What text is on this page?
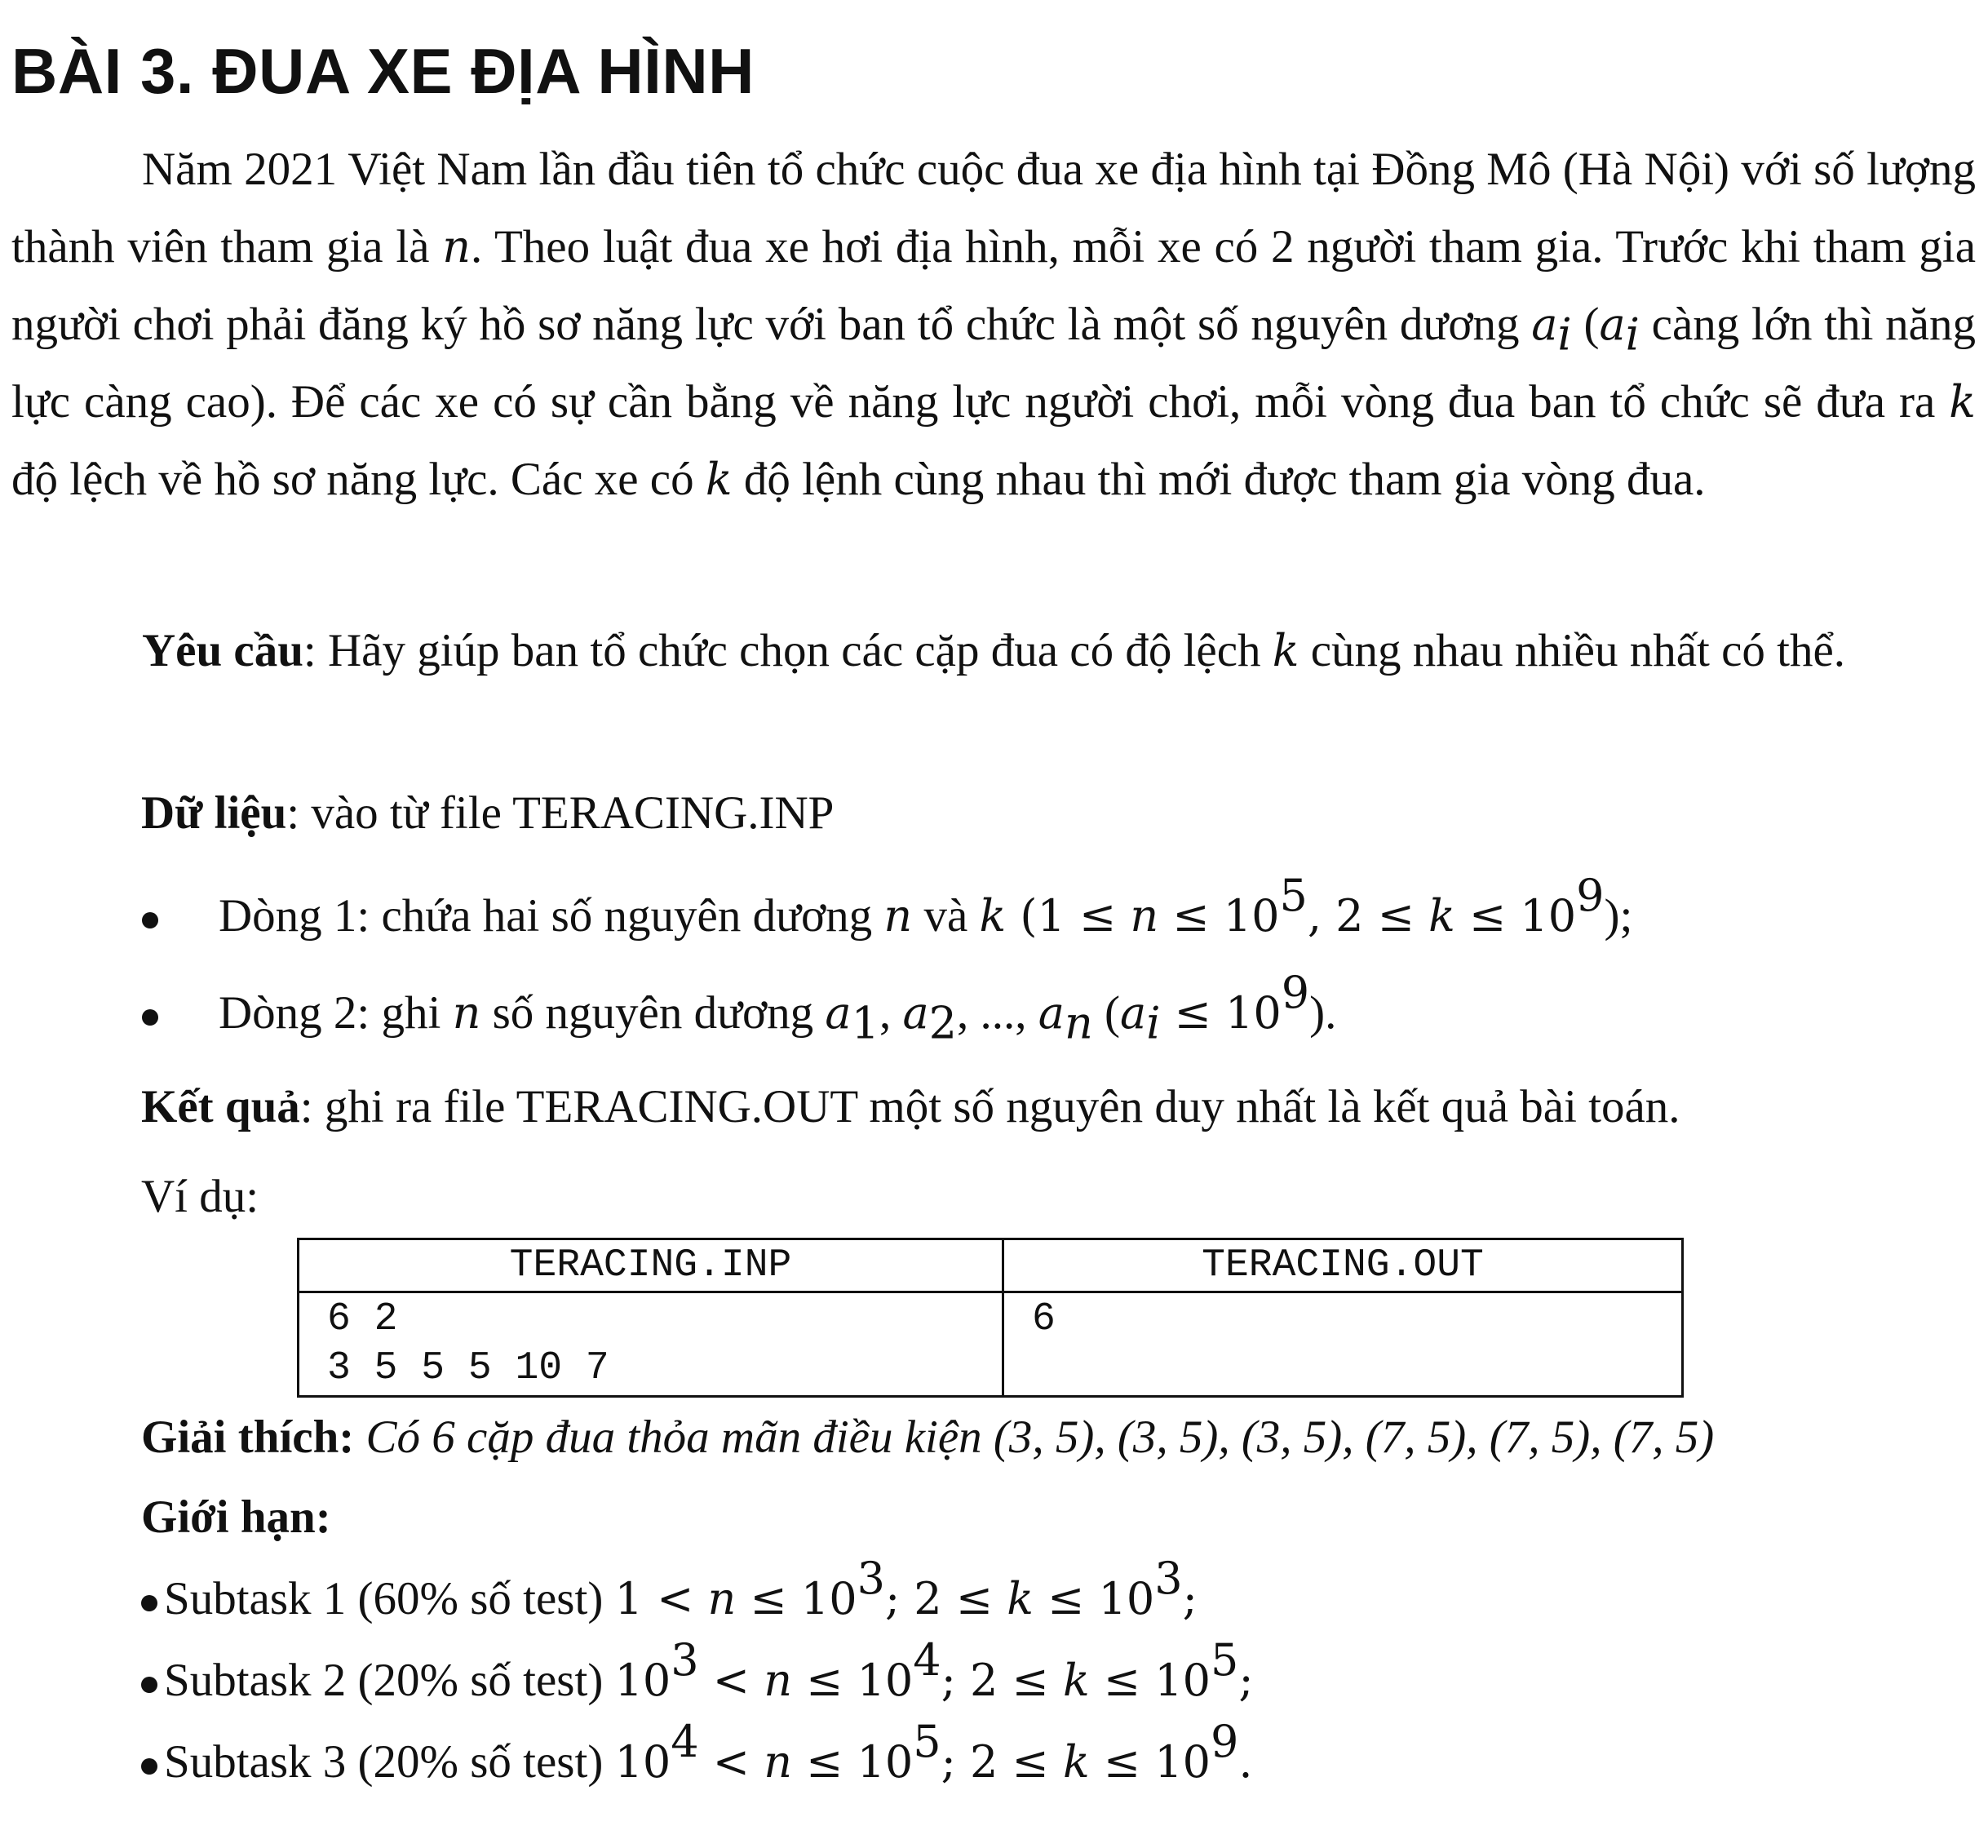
BÀI 3. ĐUA XE ĐỊA HÌNH

Năm 2021 Việt Nam lần đầu tiên tổ chức cuộc đua xe địa hình tại Đồng Mô (Hà Nội) với số lượng thành viên tham gia là n. Theo luật đua xe hơi địa hình, mỗi xe có 2 người tham gia. Trước khi tham gia người chơi phải đăng ký hồ sơ năng lực với ban tổ chức là một số nguyên dương $a_i$ ($a_i$ càng lớn thì năng lực càng cao). Để các xe có sự cần bằng về năng lực người chơi, mỗi vòng đua ban tổ chức sẽ đưa ra k độ lệch về hồ sơ năng lực. Các xe có k độ lệnh cùng nhau thì mới được tham gia vòng đua.

Yêu cầu: Hãy giúp ban tổ chức chọn các cặp đua có độ lệch k cùng nhau nhiều nhất có thể.

Dữ liệu: vào từ file TERACING.INP

Dòng 1: chứa hai số nguyên dương n và k ($1 \le n \le 10^5$, $2 \le k \le 10^9$);

Dòng 2: ghi n số nguyên dương $a_1$, $a_2$, ..., $a_n$ $(a_i \le 10^9)$.

Kết quả: ghi ra file TERACING.OUT một số nguyên duy nhất là kết quả bài toán.

Ví dụ:

TERACING.INP	TERACING.OUT
6 2
3 5 5 5 10 7	6

Giải thích: Có 6 cặp đua thỏa mãn điều kiện (3, 5), (3, 5), (3, 5), (7, 5), (7, 5), (7, 5)

Giới hạn:

Subtask 1 (60% số test) $1 < n \le 10^3$; $2 \le k \le 10^3$;

Subtask 2 (20% số test) $10^3 < n \le 10^4$; $2 \le k \le 10^5$;

Subtask 3 (20% số test) $10^4 < n \le 10^5$; $2 \le k \le 10^9$.
